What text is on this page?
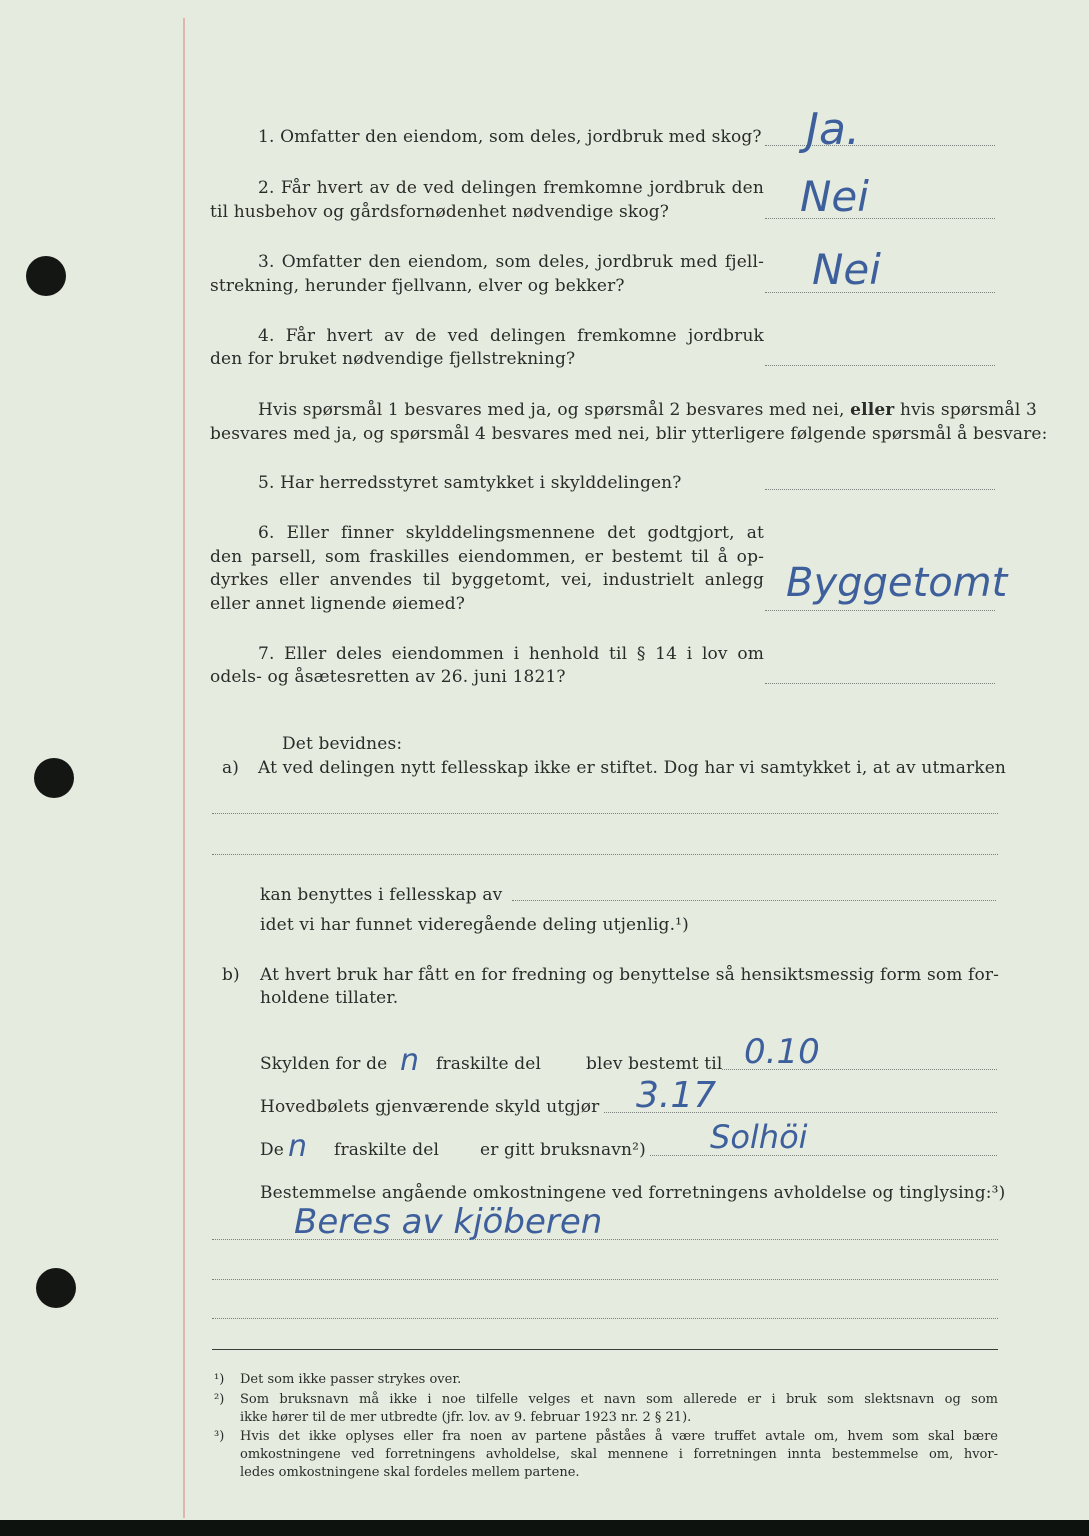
1. Omfatter den eiendom, som deles, jordbruk med skog? Ja.
2. Får hvert av de ved delingen fremkomne jordbruk den
til husbehov og gårdsfornødenhet nødvendige skog?	Nei
3. Omfatter den eiendom, som deles, jordbruk med fjell-
strekning, herunder fjellvann, elver og bekker?	Nei
4. Får hvert av de ved delingen fremkomne jordbruk
den for bruket nødvendige fjellstrekning?
Hvis spørsmål 1 besvares med ja, og spørsmål 2 besvares med nei, eller hvis spørsmål 3
besvares med ja, og spørsmål 4 besvares med nei, blir ytterligere følgende spørsmål å besvare:
5. Har herredsstyret samtykket i skylddelingen?
6. Eller finner skylddelingsmennene det godtgjort, at
den parsell, som fraskilles eiendommen, er bestemt til å op-
dyrkes eller anvendes til byggetomt, vei, industrielt anlegg
eller annet lignende øiemed?	Byggetomt
7. Eller deles eiendommen i henhold til § 14 i lov om
odels- og åsætesretten av 26. juni 1821?
Det bevidnes:
a) At ved delingen nytt fellesskap ikke er stiftet. Dog har vi samtykket i, at av utmarken
kan benyttes i fellesskap av
idet vi har funnet videregående deling utjenlig.¹)
b) At hvert bruk har fått en for fredning og benyttelse så hensiktsmessig form som for-
holdene tillater.
Skylden for de n fraskilte del	blev bestemt til 0.10
Hovedbølets gjenværende skyld utgjør 3.17
De n fraskilte del er gitt bruksnavn²) Solhöi
Bestemmelse angående omkostningene ved forretningens avholdelse og tinglysing:³)
Beres av kjöberen
¹) Det som ikke passer strykes over.
²) Som bruksnavn må ikke i noe tilfelle velges et navn som allerede er i bruk som slektsnavn og som
ikke hører til de mer utbredte (jfr. lov. av 9. februar 1923 nr. 2 § 21).
³) Hvis det ikke oplyses eller fra noen av partene påståes å være truffet avtale om, hvem som skal bære
omkostningene ved forretningens avholdelse, skal mennene i forretningen innta bestemmelse om, hvor-
ledes omkostningene skal fordeles mellem partene.
